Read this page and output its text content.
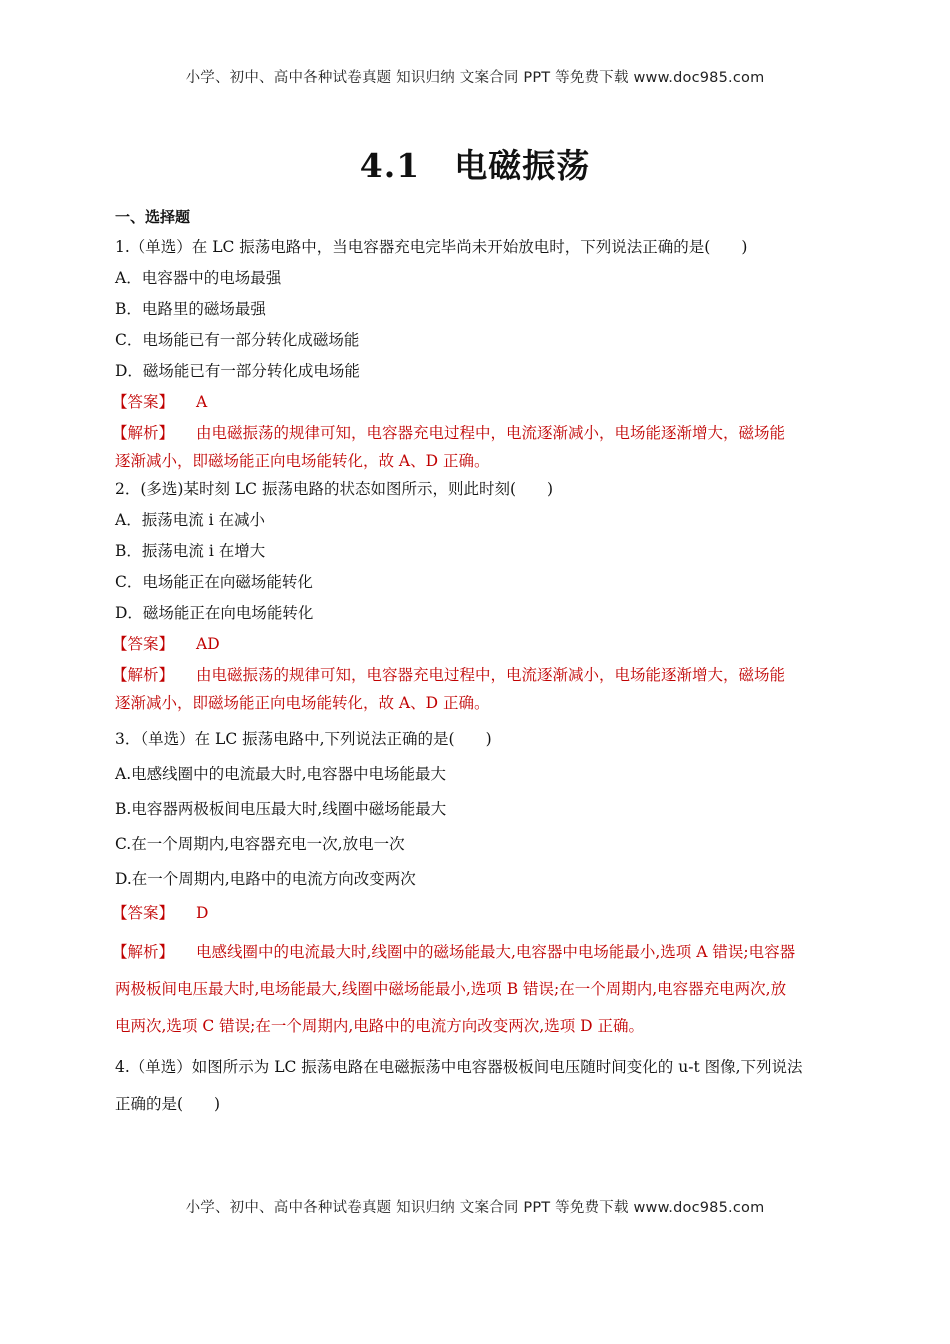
小学、初中、高中各种试卷真题 知识归纳 文案合同 PPT 等免费下载 www.doc985.com
4.1　电磁振荡
一、选择题
1.（单选）在 LC 振荡电路中，当电容器充电完毕尚未开始放电时，下列说法正确的是(　　)
A．电容器中的电场最强
B．电路里的磁场最强
C．电场能已有一部分转化成磁场能
D．磁场能已有一部分转化成电场能
【答案】 A
【解析】 由电磁振荡的规律可知，电容器充电过程中，电流逐渐减小，电场能逐渐增大，磁场能
逐渐减小，即磁场能正向电场能转化，故 A、D 正确。
2．(多选)某时刻 LC 振荡电路的状态如图所示，则此时刻(　　)
A．振荡电流 i 在减小
B．振荡电流 i 在增大
C．电场能正在向磁场能转化
D．磁场能正在向电场能转化
【答案】 AD
【解析】 由电磁振荡的规律可知，电容器充电过程中，电流逐渐减小，电场能逐渐增大，磁场能
逐渐减小，即磁场能正向电场能转化，故 A、D 正确。
3．（单选）在 LC 振荡电路中,下列说法正确的是(　　)
A.电感线圈中的电流最大时,电容器中电场能最大
B.电容器两极板间电压最大时,线圈中磁场能最大
C.在一个周期内,电容器充电一次,放电一次
D.在一个周期内,电路中的电流方向改变两次
【答案】 D
【解析】 电感线圈中的电流最大时,线圈中的磁场能最大,电容器中电场能最小,选项 A 错误;电容器
两极板间电压最大时,电场能最大,线圈中磁场能最小,选项 B 错误;在一个周期内,电容器充电两次,放
电两次,选项 C 错误;在一个周期内,电路中的电流方向改变两次,选项 D 正确。
4.（单选）如图所示为 LC 振荡电路在电磁振荡中电容器极板间电压随时间变化的 u-t 图像,下列说法
正确的是(　　)
小学、初中、高中各种试卷真题 知识归纳 文案合同 PPT 等免费下载 www.doc985.com
